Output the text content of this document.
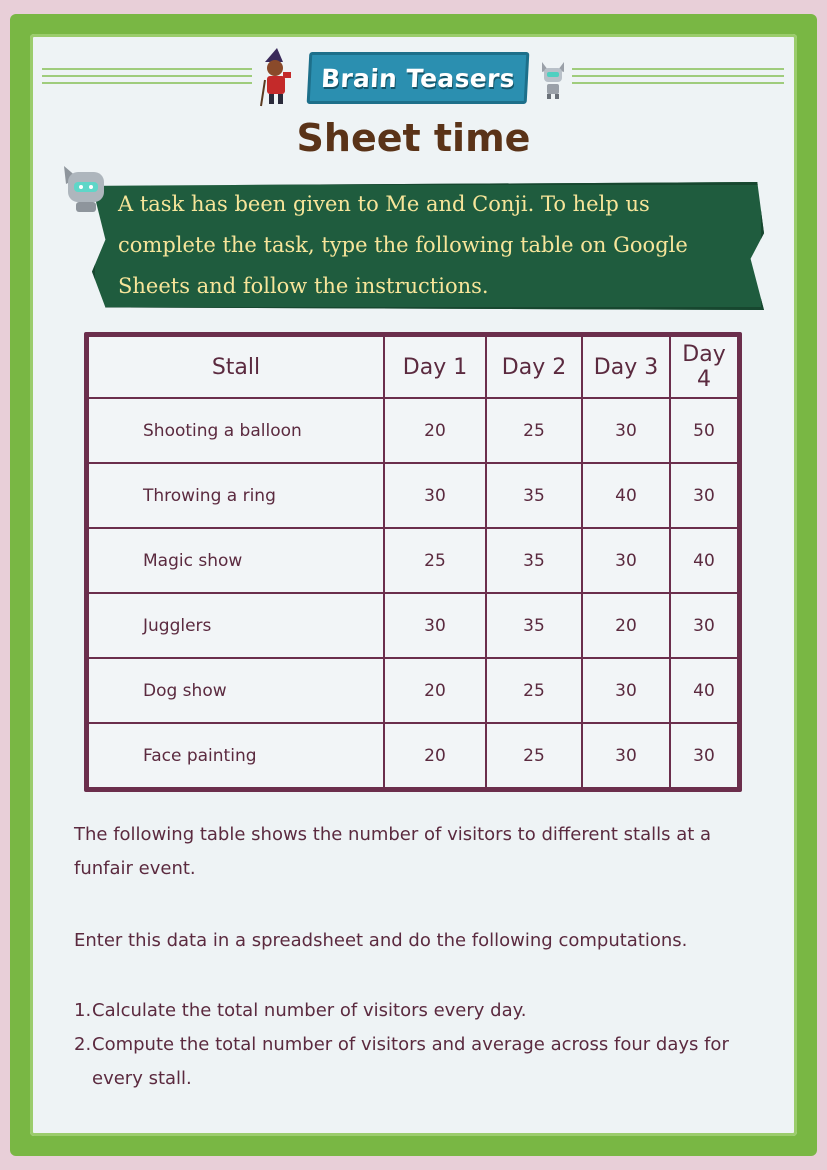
Brain Teasers
Sheet time
A task has been given to Me and Conji. To help us complete the task, type the following table on Google Sheets and follow the instructions.
Stall	Day 1	Day 2	Day 3	Day 4
Shooting a balloon	20	25	30	50
Throwing a ring	30	35	40	30
Magic show	25	35	30	40
Jugglers	30	35	20	30
Dog show	20	25	30	40
Face painting	20	25	30	30
The following table shows the number of visitors to different stalls at a funfair event.
Enter this data in a spreadsheet and do the following computations.
1. Calculate the total number of visitors every day.
2. Compute the total number of visitors and average across four days for every stall.
